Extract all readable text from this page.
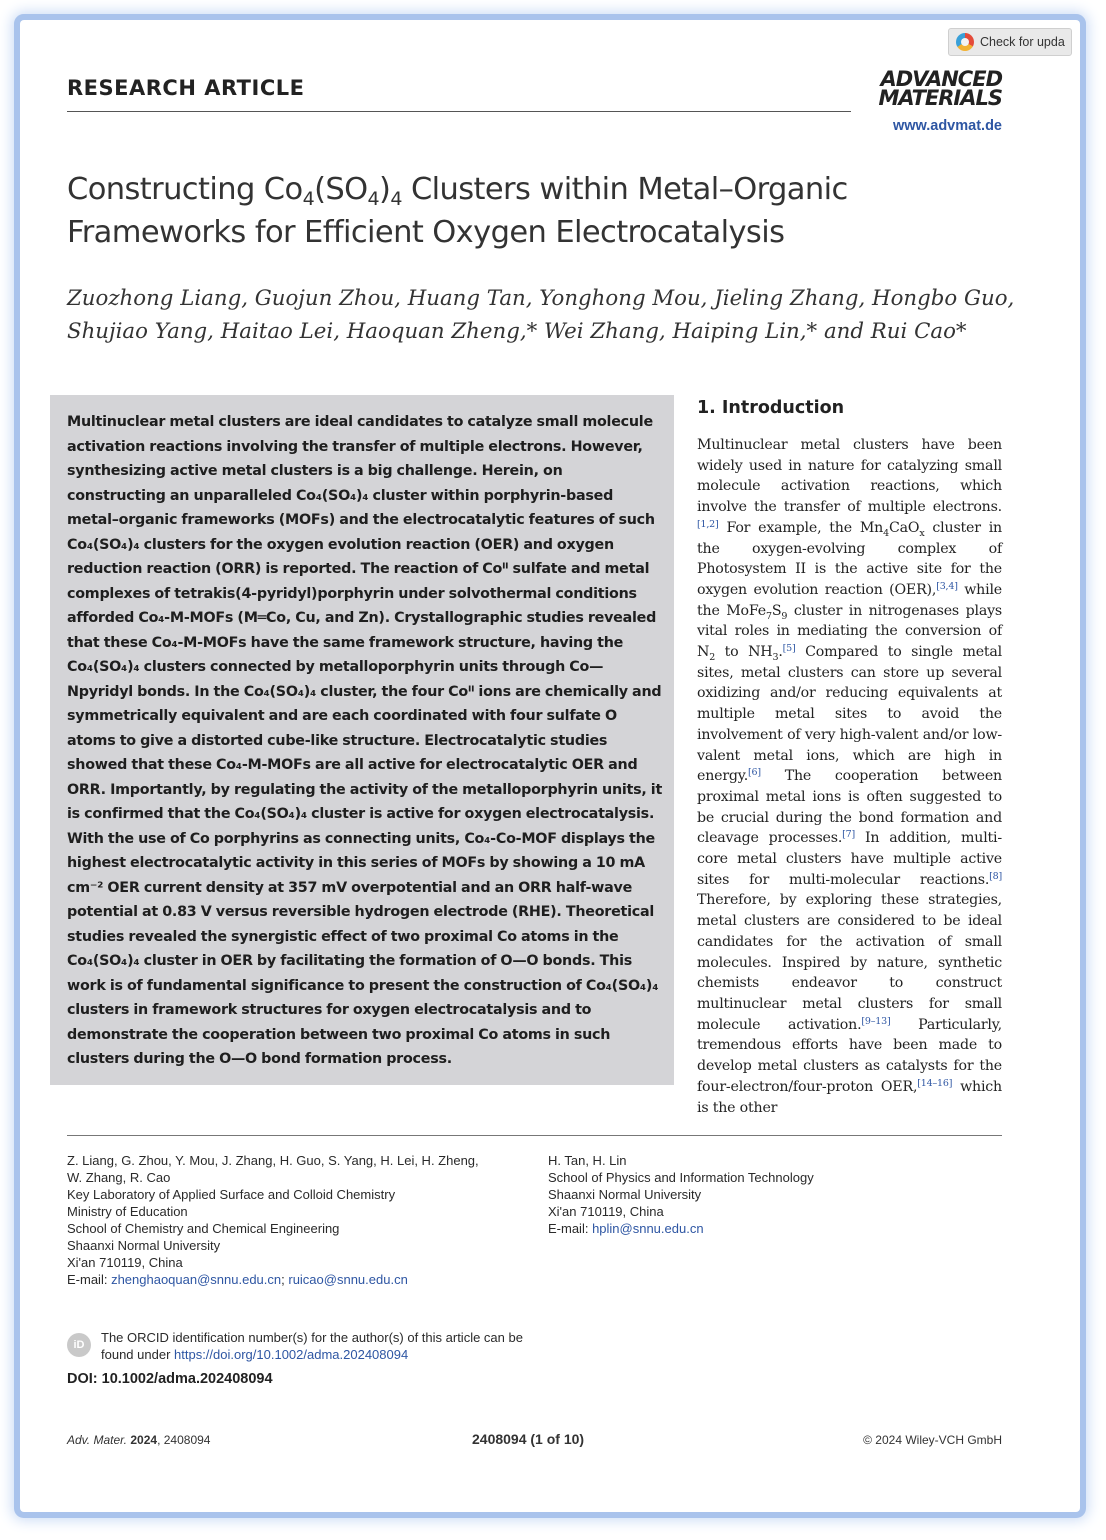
Check for upda
RESEARCH ARTICLE	ADVANCED
MATERIALS
www.advmat.de
Constructing $Co_4(SO_4)_4$ Clusters within Metal–Organic
Frameworks for Efficient Oxygen Electrocatalysis
Zuozhong Liang, Guojun Zhou, Huang Tan, Yonghong Mou, Jieling Zhang, Hongbo Guo,
Shujiao Yang, Haitao Lei, Haoquan Zheng,* Wei Zhang, Haiping Lin,* and Rui Cao*
Multinuclear metal clusters are ideal candidates to catalyze small molecule activation reactions involving the transfer of multiple electrons. However, synthesizing active metal clusters is a big challenge. Herein, on constructing an unparalleled Co₄(SO₄)₄ cluster within porphyrin-based metal–organic frameworks (MOFs) and the electrocatalytic features of such Co₄(SO₄)₄ clusters for the oxygen evolution reaction (OER) and oxygen reduction reaction (ORR) is reported. The reaction of Coᴵᴵ sulfate and metal complexes of tetrakis(4-pyridyl)porphyrin under solvothermal conditions afforded Co₄-M-MOFs (M═Co, Cu, and Zn). Crystallographic studies revealed that these Co₄-M-MOFs have the same framework structure, having the Co₄(SO₄)₄ clusters connected by metalloporphyrin units through Co—Npyridyl bonds. In the Co₄(SO₄)₄ cluster, the four Coᴵᴵ ions are chemically and symmetrically equivalent and are each coordinated with four sulfate O atoms to give a distorted cube-like structure. Electrocatalytic studies showed that these Co₄-M-MOFs are all active for electrocatalytic OER and ORR. Importantly, by regulating the activity of the metalloporphyrin units, it is confirmed that the Co₄(SO₄)₄ cluster is active for oxygen electrocatalysis. With the use of Co porphyrins as connecting units, Co₄-Co-MOF displays the highest electrocatalytic activity in this series of MOFs by showing a 10 mA cm⁻² OER current density at 357 mV overpotential and an ORR half-wave potential at 0.83 V versus reversible hydrogen electrode (RHE). Theoretical studies revealed the synergistic effect of two proximal Co atoms in the Co₄(SO₄)₄ cluster in OER by facilitating the formation of O—O bonds. This work is of fundamental significance to present the construction of Co₄(SO₄)₄ clusters in framework structures for oxygen electrocatalysis and to demonstrate the cooperation between two proximal Co atoms in such clusters during the O—O bond formation process.
1. Introduction
Multinuclear metal clusters have been widely used in nature for catalyzing small molecule activation reactions, which involve the transfer of multiple electrons.[1,2] For example, the $Mn_4CaO_x$ cluster in the oxygen-evolving complex of Photosystem II is the active site for the oxygen evolution reaction (OER),[3,4] while the $MoFe_7S_9$ cluster in nitrogenases plays vital roles in mediating the conversion of $N_2$ to $NH_3.[5]$ Compared to single metal sites, metal clusters can store up several oxidizing and/or reducing equivalents at multiple metal sites to avoid the involvement of very high-valent and/or low-valent metal ions, which are high in energy.[6] The cooperation between proximal metal ions is often suggested to be crucial during the bond formation and cleavage processes.[7] In addition, multi-core metal clusters have multiple active sites for multi-molecular reactions.[8] Therefore, by exploring these strategies, metal clusters are considered to be ideal candidates for the activation of small molecules. Inspired by nature, synthetic chemists endeavor to construct multinuclear metal clusters for small molecule activation.[9–13] Particularly, tremendous efforts have been made to develop metal clusters as catalysts for the four-electron/four-proton OER,[14–16] which is the other
Z. Liang, G. Zhou, Y. Mou, J. Zhang, H. Guo, S. Yang, H. Lei, H. Zheng,
W. Zhang, R. Cao
Key Laboratory of Applied Surface and Colloid Chemistry
Ministry of Education
School of Chemistry and Chemical Engineering
Shaanxi Normal University
Xi'an 710119, China
E-mail: zhenghaoquan@snnu.edu.cn; ruicao@snnu.edu.cn
H. Tan, H. Lin
School of Physics and Information Technology
Shaanxi Normal University
Xi'an 710119, China
E-mail: hplin@snnu.edu.cn
iD	The ORCID identification number(s) for the author(s) of this article can be found under https://doi.org/10.1002/adma.202408094
DOI: 10.1002/adma.202408094
Adv. Mater. 2024, 2408094	2408094 (1 of 10)	© 2024 Wiley-VCH GmbH
